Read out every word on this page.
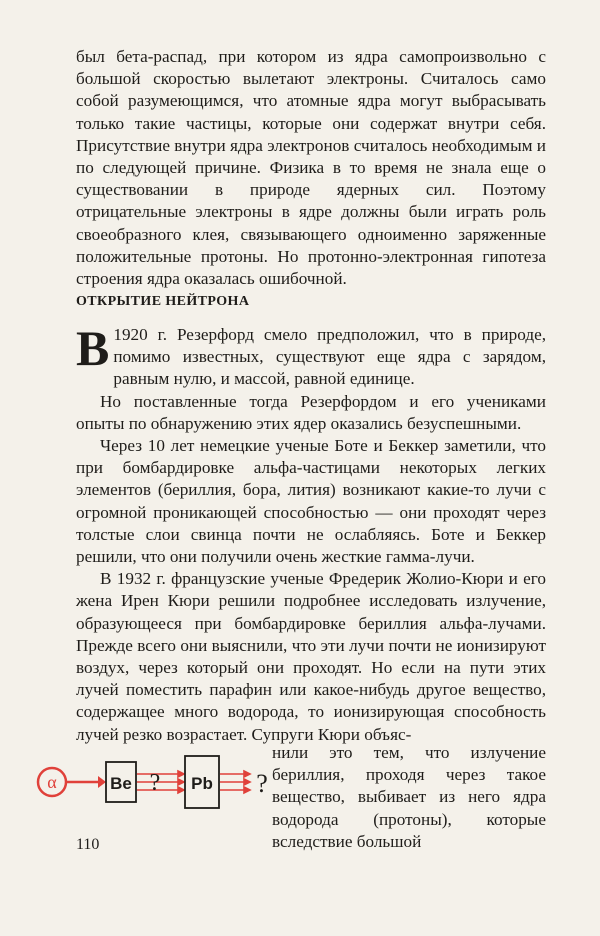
был бета-распад, при котором из ядра самопроизвольно с большой скоростью вылетают электроны. Считалось само собой разумеющимся, что атомные ядра могут выбрасывать только такие частицы, которые они содержат внутри себя. Присутствие внутри ядра электронов считалось необходимым и по следующей причине. Физика в то время не знала еще о существовании в природе ядерных сил. Поэтому отрицательные электроны в ядре должны были играть роль своеобразного клея, связывающего одноименно заряженные положительные протоны. Но протонно-электронная гипотеза строения ядра оказалась ошибочной.

ОТКРЫТИЕ НЕЙТРОНА

В 1920 г. Резерфорд смело предположил, что в природе, помимо известных, существуют еще ядра с зарядом, равным нулю, и массой, равной единице.

Но поставленные тогда Резерфордом и его учениками опыты по обнаружению этих ядер оказались безуспешными.

Через 10 лет немецкие ученые Боте и Беккер заметили, что при бомбардировке альфа-частицами некоторых легких элементов (бериллия, бора, лития) возникают какие-то лучи с огромной проникающей способностью — они проходят через толстые слои свинца почти не ослабляясь. Боте и Беккер решили, что они получили очень жесткие гамма-лучи.

В 1932 г. французские ученые Фредерик Жолио-Кюри и его жена Ирен Кюри решили подробнее исследовать излучение, образующееся при бомбардировке бериллия альфа-лучами. Прежде всего они выяснили, что эти лучи почти не ионизируют воздух, через который они проходят. Но если на пути этих лучей поместить парафин или какое-нибудь другое вещество, содержащее много водорода, то ионизирующая способность лучей резко возрастает. Супруги Кюри объяс-

α	Be ? Pb ?

нили это тем, что излучение бериллия, проходя через такое вещество, выбивает из него ядра водорода (протоны), которые вследствие большой

110
